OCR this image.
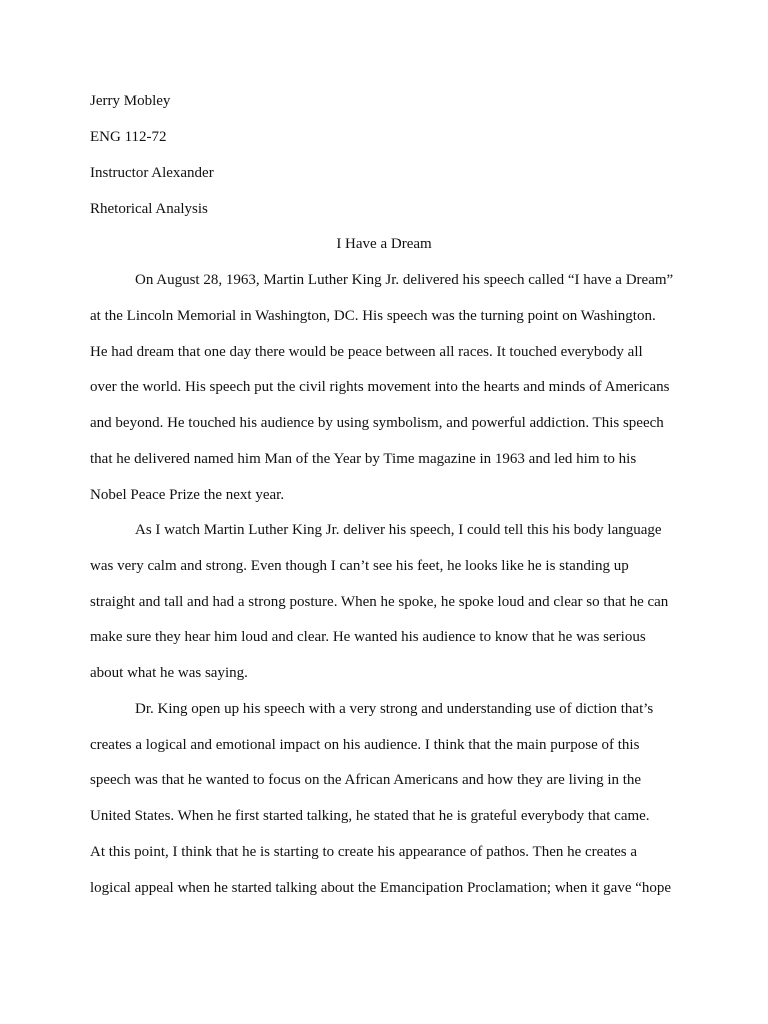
Jerry Mobley
ENG 112-72
Instructor Alexander
Rhetorical Analysis
I Have a Dream
On August 28, 1963, Martin Luther King Jr. delivered his speech called “I have a Dream”
at the Lincoln Memorial in Washington, DC. His speech was the turning point on Washington.
He had dream that one day there would be peace between all races. It touched everybody all
over the world. His speech put the civil rights movement into the hearts and minds of Americans
and beyond. He touched his audience by using symbolism, and powerful addiction. This speech
that he delivered named him Man of the Year by Time magazine in 1963 and led him to his
Nobel Peace Prize the next year.
As I watch Martin Luther King Jr. deliver his speech, I could tell this his body language
was very calm and strong. Even though I can’t see his feet, he looks like he is standing up
straight and tall and had a strong posture. When he spoke, he spoke loud and clear so that he can
make sure they hear him loud and clear. He wanted his audience to know that he was serious
about what he was saying.
Dr. King open up his speech with a very strong and understanding use of diction that’s
creates a logical and emotional impact on his audience. I think that the main purpose of this
speech was that he wanted to focus on the African Americans and how they are living in the
United States. When he first started talking, he stated that he is grateful everybody that came.
At this point, I think that he is starting to create his appearance of pathos. Then he creates a
logical appeal when he started talking about the Emancipation Proclamation; when it gave “hope
